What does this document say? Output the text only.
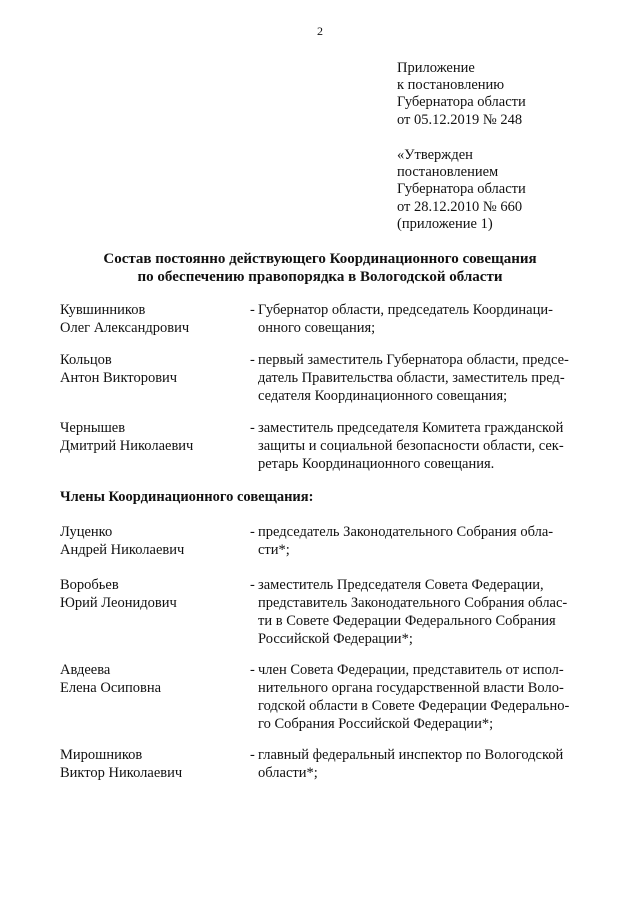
2
Приложение
к постановлению
Губернатора области
от 05.12.2019 № 248
«Утвержден
постановлением
Губернатора области
от 28.12.2010 № 660
(приложение 1)
Состав постоянно действующего Координационного совещания
по обеспечению правопорядка в Вологодской области
Кувшинников
Олег Александрович
- Губернатор области, председатель Координаци-
онного совещания;
Кольцов
Антон Викторович
- первый заместитель Губернатора области, предсе-
датель Правительства области, заместитель пред-
седателя Координационного совещания;
Чернышев
Дмитрий Николаевич
- заместитель председателя Комитета гражданской
защиты и социальной безопасности области, сек-
ретарь Координационного совещания.
Члены Координационного совещания:
Луценко
Андрей Николаевич
- председатель Законодательного Собрания обла-
сти*;
Воробьев
Юрий Леонидович
- заместитель Председателя Совета Федерации,
представитель Законодательного Собрания облас-
ти в Совете Федерации Федерального Собрания
Российской Федерации*;
Авдеева
Елена Осиповна
- член Совета Федерации, представитель от испол-
нительного органа государственной власти Воло-
годской области в Совете Федерации Федерально-
го Собрания Российской Федерации*;
Мирошников
Виктор Николаевич
- главный федеральный инспектор по Вологодской
области*;
